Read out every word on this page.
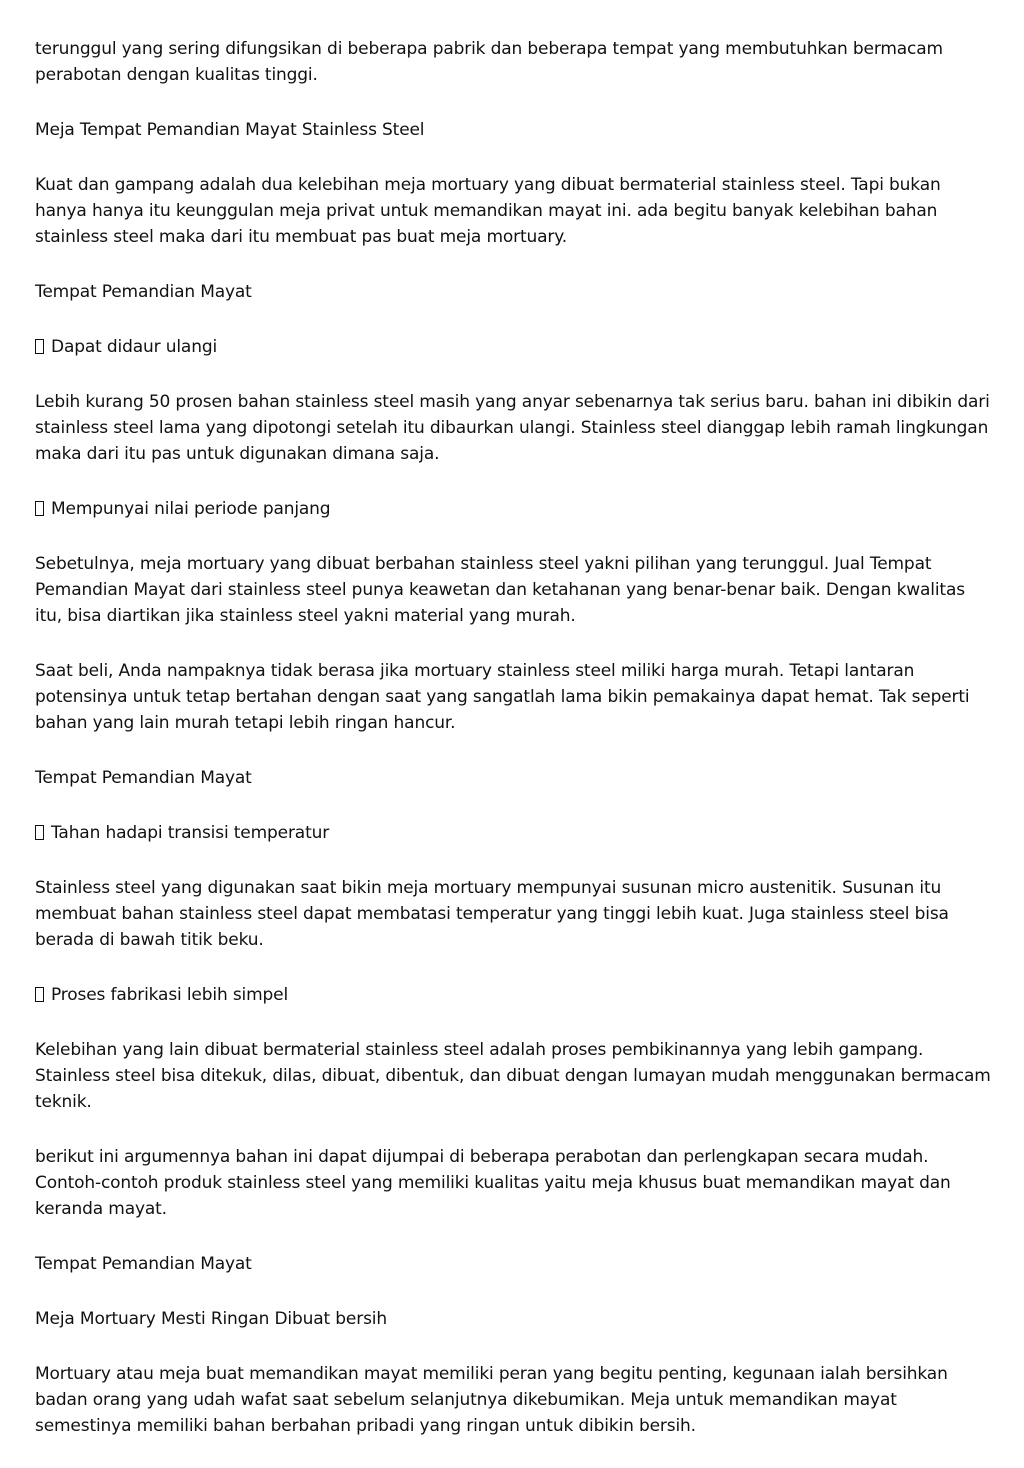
terunggul yang sering difungsikan di beberapa pabrik dan beberapa tempat yang membutuhkan bermacam perabotan dengan kualitas tinggi.

Meja Tempat Pemandian Mayat Stainless Steel

Kuat dan gampang adalah dua kelebihan meja mortuary yang dibuat bermaterial stainless steel. Tapi bukan hanya hanya itu keunggulan meja privat untuk memandikan mayat ini. ada begitu banyak kelebihan bahan stainless steel maka dari itu membuat pas buat meja mortuary.

Tempat Pemandian Mayat

Dapat didaur ulangi

Lebih kurang 50 prosen bahan stainless steel masih yang anyar sebenarnya tak serius baru. bahan ini dibikin dari stainless steel lama yang dipotongi setelah itu dibaurkan ulangi. Stainless steel dianggap lebih ramah lingkungan maka dari itu pas untuk digunakan dimana saja.

Mempunyai nilai periode panjang

Sebetulnya, meja mortuary yang dibuat berbahan stainless steel yakni pilihan yang terunggul. Jual Tempat Pemandian Mayat dari stainless steel punya keawetan dan ketahanan yang benar-benar baik. Dengan kwalitas itu, bisa diartikan jika stainless steel yakni material yang murah.

Saat beli, Anda nampaknya tidak berasa jika mortuary stainless steel miliki harga murah. Tetapi lantaran potensinya untuk tetap bertahan dengan saat yang sangatlah lama bikin pemakainya dapat hemat. Tak seperti bahan yang lain murah tetapi lebih ringan hancur.

Tempat Pemandian Mayat

Tahan hadapi transisi temperatur

Stainless steel yang digunakan saat bikin meja mortuary mempunyai susunan micro austenitik. Susunan itu membuat bahan stainless steel dapat membatasi temperatur yang tinggi lebih kuat. Juga stainless steel bisa berada di bawah titik beku.

Proses fabrikasi lebih simpel

Kelebihan yang lain dibuat bermaterial stainless steel adalah proses pembikinannya yang lebih gampang. Stainless steel bisa ditekuk, dilas, dibuat, dibentuk, dan dibuat dengan lumayan mudah menggunakan bermacam teknik.

berikut ini argumennya bahan ini dapat dijumpai di beberapa perabotan dan perlengkapan secara mudah. Contoh-contoh produk stainless steel yang memiliki kualitas yaitu meja khusus buat memandikan mayat dan keranda mayat.

Tempat Pemandian Mayat

Meja Mortuary Mesti Ringan Dibuat bersih

Mortuary atau meja buat memandikan mayat memiliki peran yang begitu penting, kegunaan ialah bersihkan badan orang yang udah wafat saat sebelum selanjutnya dikebumikan. Meja untuk memandikan mayat semestinya memiliki bahan berbahan pribadi yang ringan untuk dibikin bersih.
